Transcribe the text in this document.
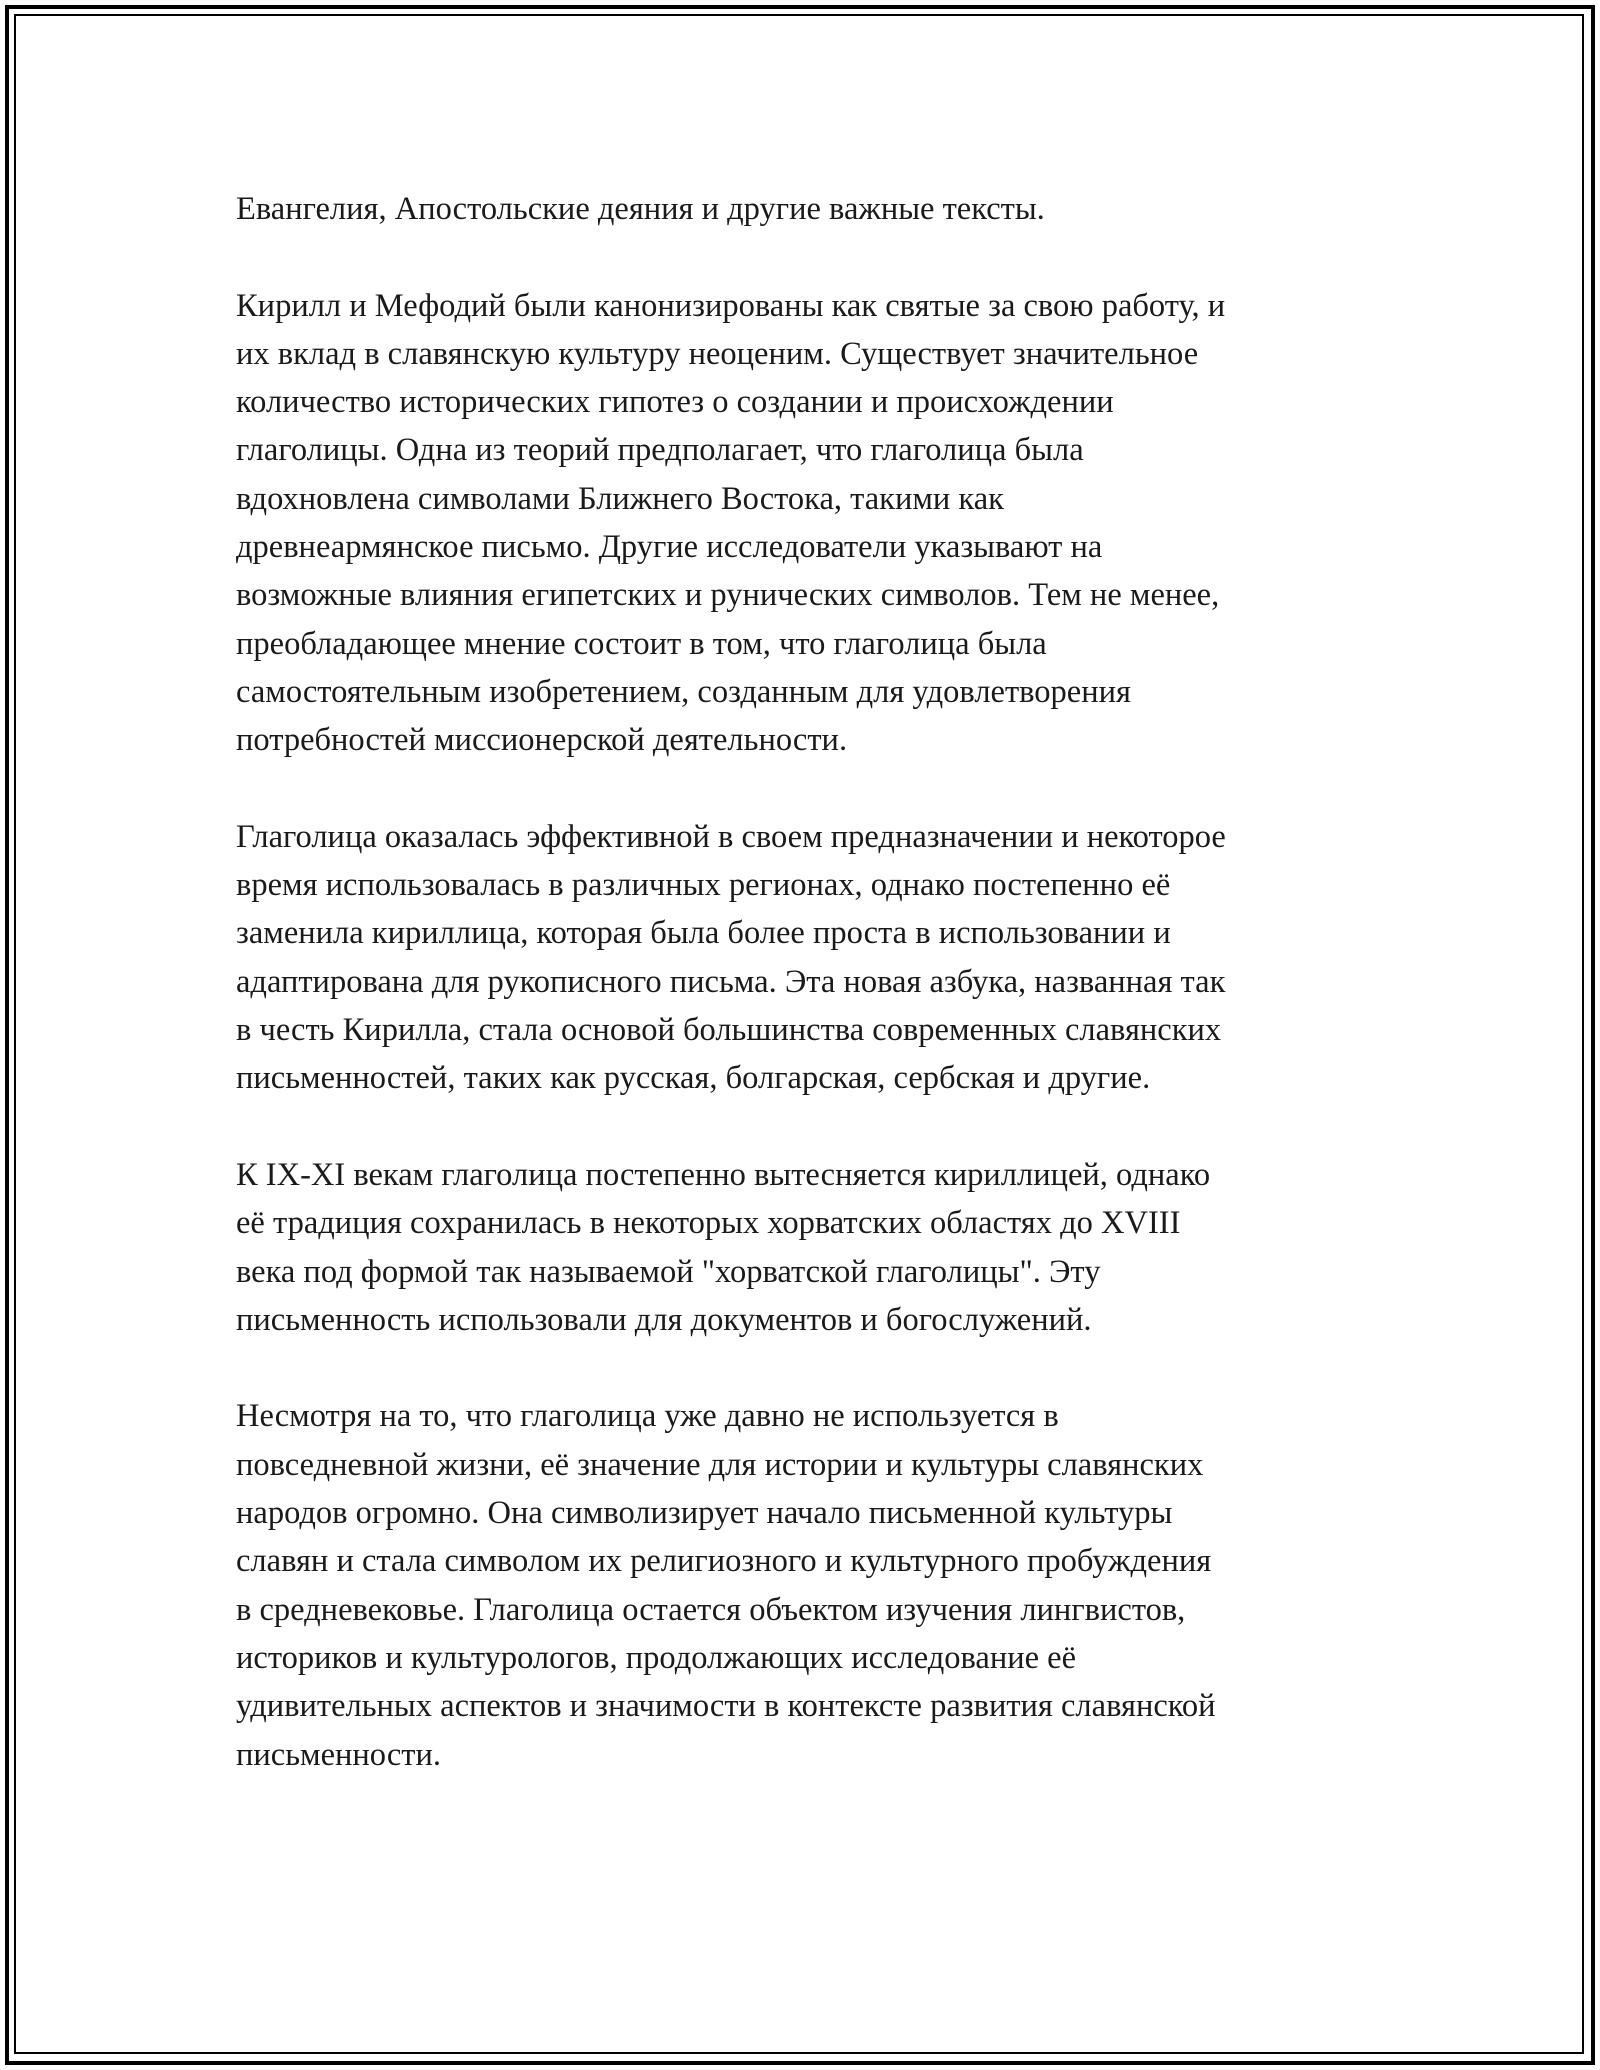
Евангелия, Апостольские деяния и другие важные тексты.

Кирилл и Мефодий были канонизированы как святые за свою работу, и
их вклад в славянскую культуру неоценим. Существует значительное
количество исторических гипотез о создании и происхождении
глаголицы. Одна из теорий предполагает, что глаголица была
вдохновлена символами Ближнего Востока, такими как
древнеармянское письмо. Другие исследователи указывают на
возможные влияния египетских и рунических символов. Тем не менее,
преобладающее мнение состоит в том, что глаголица была
самостоятельным изобретением, созданным для удовлетворения
потребностей миссионерской деятельности.

Глаголица оказалась эффективной в своем предназначении и некоторое
время использовалась в различных регионах, однако постепенно её
заменила кириллица, которая была более проста в использовании и
адаптирована для рукописного письма. Эта новая азбука, названная так
в честь Кирилла, стала основой большинства современных славянских
письменностей, таких как русская, болгарская, сербская и другие.

К IX-XI векам глаголица постепенно вытесняется кириллицей, однако
её традиция сохранилась в некоторых хорватских областях до XVIII
века под формой так называемой "хорватской глаголицы". Эту
письменность использовали для документов и богослужений.

Несмотря на то, что глаголица уже давно не используется в
повседневной жизни, её значение для истории и культуры славянских
народов огромно. Она символизирует начало письменной культуры
славян и стала символом их религиозного и культурного пробуждения
в средневековье. Глаголица остается объектом изучения лингвистов,
историков и культурологов, продолжающих исследование её
удивительных аспектов и значимости в контексте развития славянской
письменности.
